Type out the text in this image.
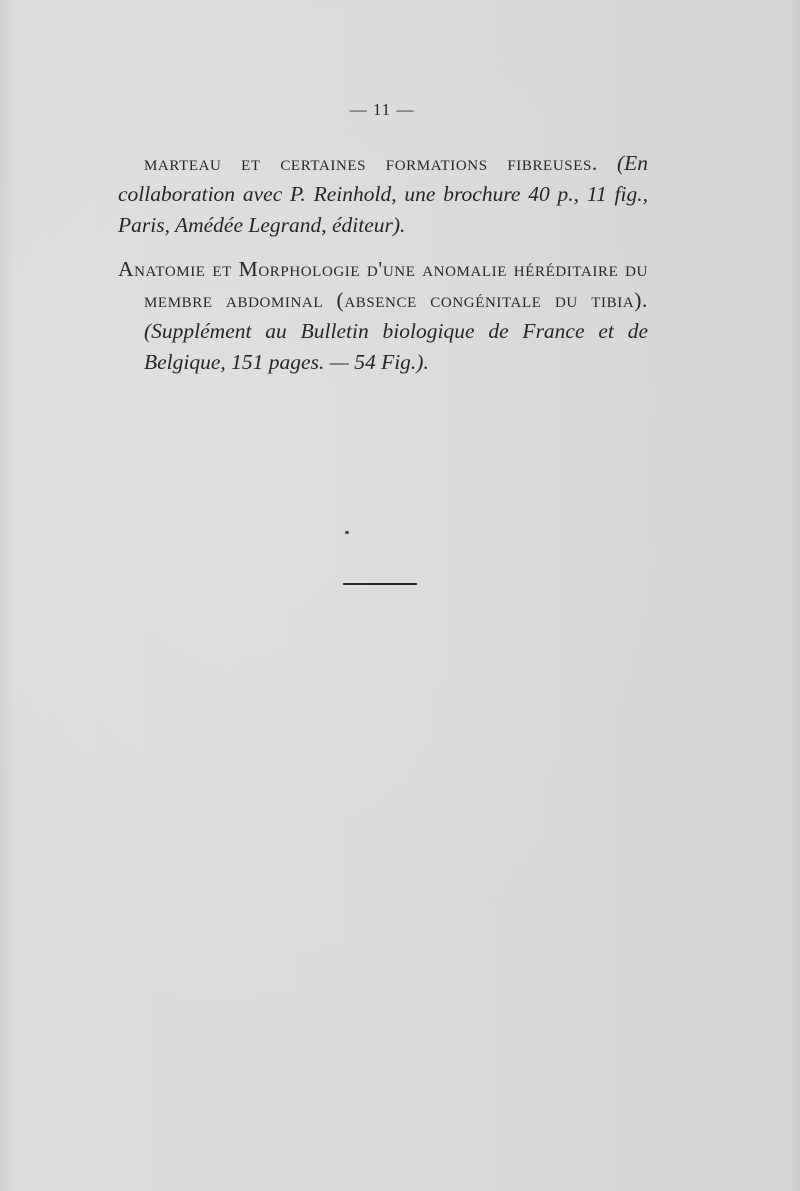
— 11 —

marteau et certaines formations fibreuses. (En collaboration avec P. Reinhold, une brochure 40 p., 11 fig., Paris, Amédée Legrand, éditeur).

Anatomie et Morphologie d'une anomalie héréditaire du membre abdominal (absence congénitale du tibia). (Supplément au Bulletin biologique de France et de Belgique, 151 pages. — 54 Fig.).
